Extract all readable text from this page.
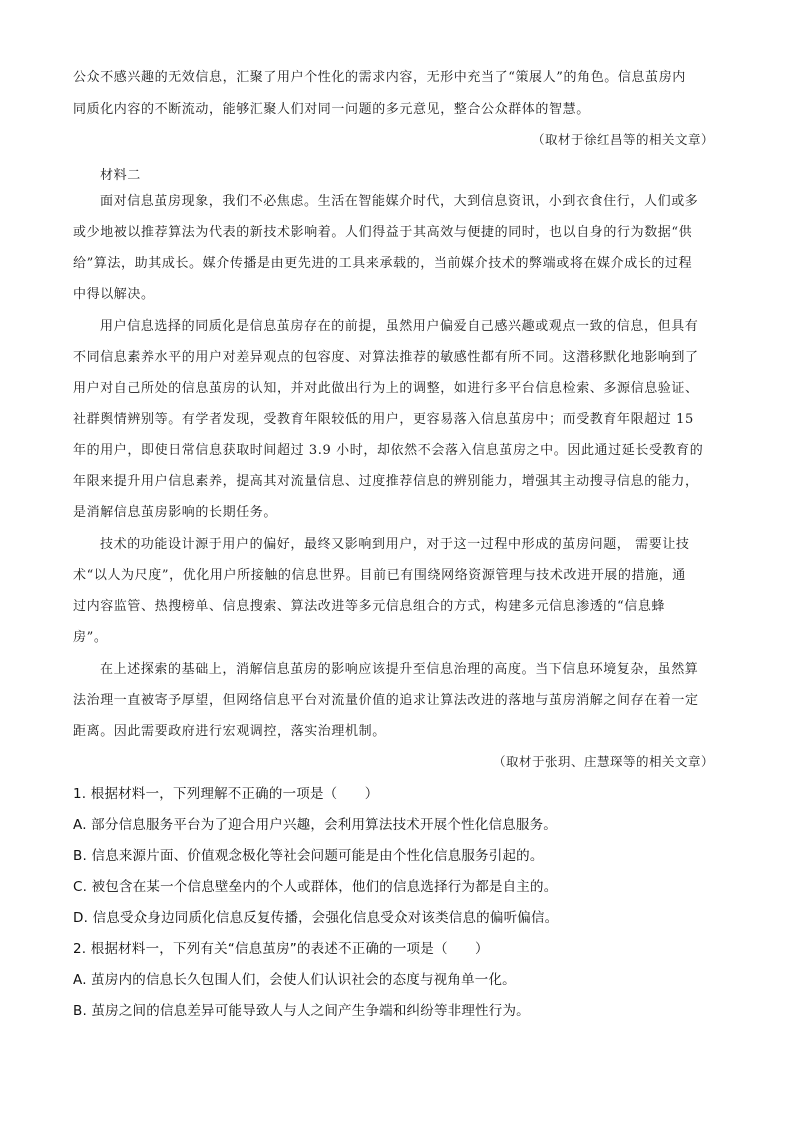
公众不感兴趣的无效信息，汇聚了用户个性化的需求内容，无形中充当了“策展人”的角色。信息茧房内
同质化内容的不断流动，能够汇聚人们对同一问题的多元意见，整合公众群体的智慧。
（取材于徐红昌等的相关文章）
材料二
面对信息茧房现象，我们不必焦虑。生活在智能媒介时代，大到信息资讯，小到衣食住行，人们或多
或少地被以推荐算法为代表的新技术影响着。人们得益于其高效与便捷的同时，也以自身的行为数据“供
给”算法，助其成长。媒介传播是由更先进的工具来承载的，当前媒介技术的弊端或将在媒介成长的过程
中得以解决。
用户信息选择的同质化是信息茧房存在的前提，虽然用户偏爱自己感兴趣或观点一致的信息，但具有
不同信息素养水平的用户对差异观点的包容度、对算法推荐的敏感性都有所不同。这潜移默化地影响到了
用户对自己所处的信息茧房的认知，并对此做出行为上的调整，如进行多平台信息检索、多源信息验证、
社群舆情辨别等。有学者发现，受教育年限较低的用户，更容易落入信息茧房中；而受教育年限超过 15
年的用户，即使日常信息获取时间超过 3.9 小时，却依然不会落入信息茧房之中。因此通过延长受教育的
年限来提升用户信息素养，提高其对流量信息、过度推荐信息的辨别能力，增强其主动搜寻信息的能力，
是消解信息茧房影响的长期任务。
技术的功能设计源于用户的偏好，最终又影响到用户，对于这一过程中形成的茧房问题， 需要让技
术“以人为尺度”，优化用户所接触的信息世界。目前已有围绕网络资源管理与技术改进开展的措施，通
过内容监管、热搜榜单、信息搜索、算法改进等多元信息组合的方式，构建多元信息渗透的“信息蜂
房”。
在上述探索的基础上，消解信息茧房的影响应该提升至信息治理的高度。当下信息环境复杂，虽然算
法治理一直被寄予厚望，但网络信息平台对流量价值的追求让算法改进的落地与茧房消解之间存在着一定
距离。因此需要政府进行宏观调控，落实治理机制。
（取材于张玥、庄慧琛等的相关文章）
1. 根据材料一，下列理解不正确的一项是（　　）
A. 部分信息服务平台为了迎合用户兴趣，会利用算法技术开展个性化信息服务。
B. 信息来源片面、价值观念极化等社会问题可能是由个性化信息服务引起的。
C. 被包含在某一个信息壁垒内的个人或群体，他们的信息选择行为都是自主的。
D. 信息受众身边同质化信息反复传播，会强化信息受众对该类信息的偏听偏信。
2. 根据材料一，下列有关“信息茧房”的表述不正确的一项是（　　）
A. 茧房内的信息长久包围人们，会使人们认识社会的态度与视角单一化。
B. 茧房之间的信息差异可能导致人与人之间产生争端和纠纷等非理性行为。
